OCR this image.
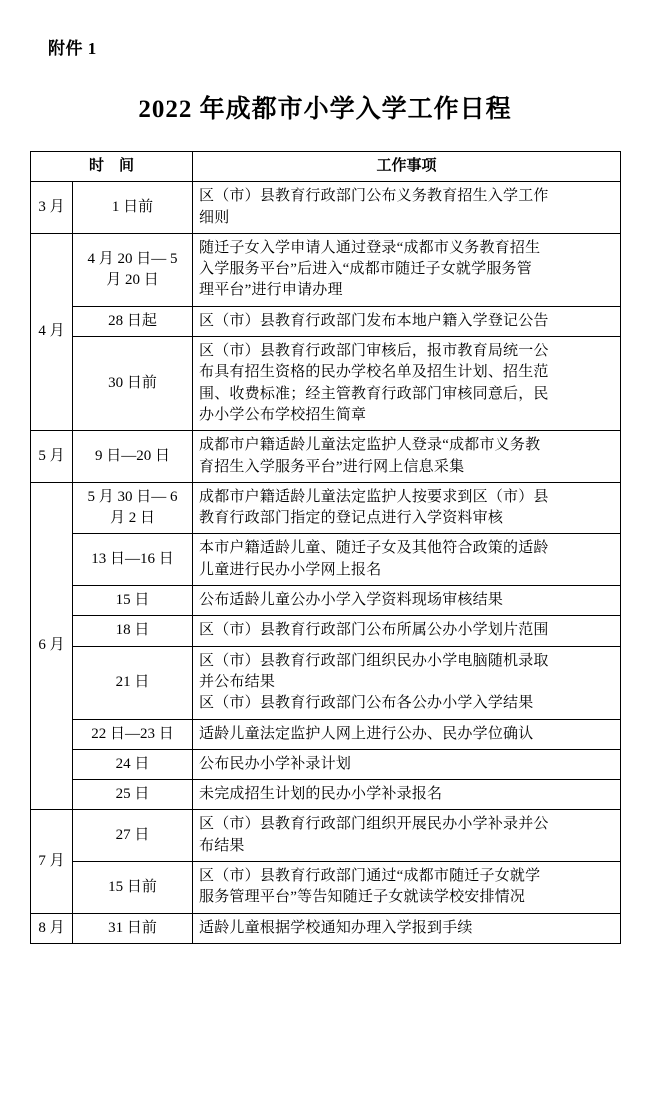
附件 1
2022 年成都市小学入学工作日程
时　间		工作事项
3 月	1 日前	区（市）县教育行政部门公布义务教育招生入学工作
细则

4 月	4 月 20 日— 5 月 20 日	随迁子女入学申请人通过登录“成都市义务教育招生
入学服务平台”后进入“成都市随迁子女就学服务管
理平台”进行申请办理

	28 日起	区（市）县教育行政部门发布本地户籍入学登记公告

	30 日前	区（市）县教育行政部门审核后，报市教育局统一公
布具有招生资格的民办学校名单及招生计划、招生范
围、收费标准；经主管教育行政部门审核同意后，民
办小学公布学校招生简章

5 月	9 日—20 日	成都市户籍适龄儿童法定监护人登录“成都市义务教
育招生入学服务平台”进行网上信息采集

6 月	5 月 30 日— 6 月 2 日	成都市户籍适龄儿童法定监护人按要求到区（市）县
教育行政部门指定的登记点进行入学资料审核

	13 日—16 日	本市户籍适龄儿童、随迁子女及其他符合政策的适龄
儿童进行民办小学网上报名

	15 日	公布适龄儿童公办小学入学资料现场审核结果

	18 日	区（市）县教育行政部门公布所属公办小学划片范围

	21 日	区（市）县教育行政部门组织民办小学电脑随机录取
并公布结果
区（市）县教育行政部门公布各公办小学入学结果

	22 日—23 日	适龄儿童法定监护人网上进行公办、民办学位确认

	24 日	公布民办小学补录计划

	25 日	未完成招生计划的民办小学补录报名

7 月	27 日	区（市）县教育行政部门组织开展民办小学补录并公
布结果

	15 日前	区（市）县教育行政部门通过“成都市随迁子女就学
服务管理平台”等告知随迁子女就读学校安排情况

8 月	31 日前	适龄儿童根据学校通知办理入学报到手续
